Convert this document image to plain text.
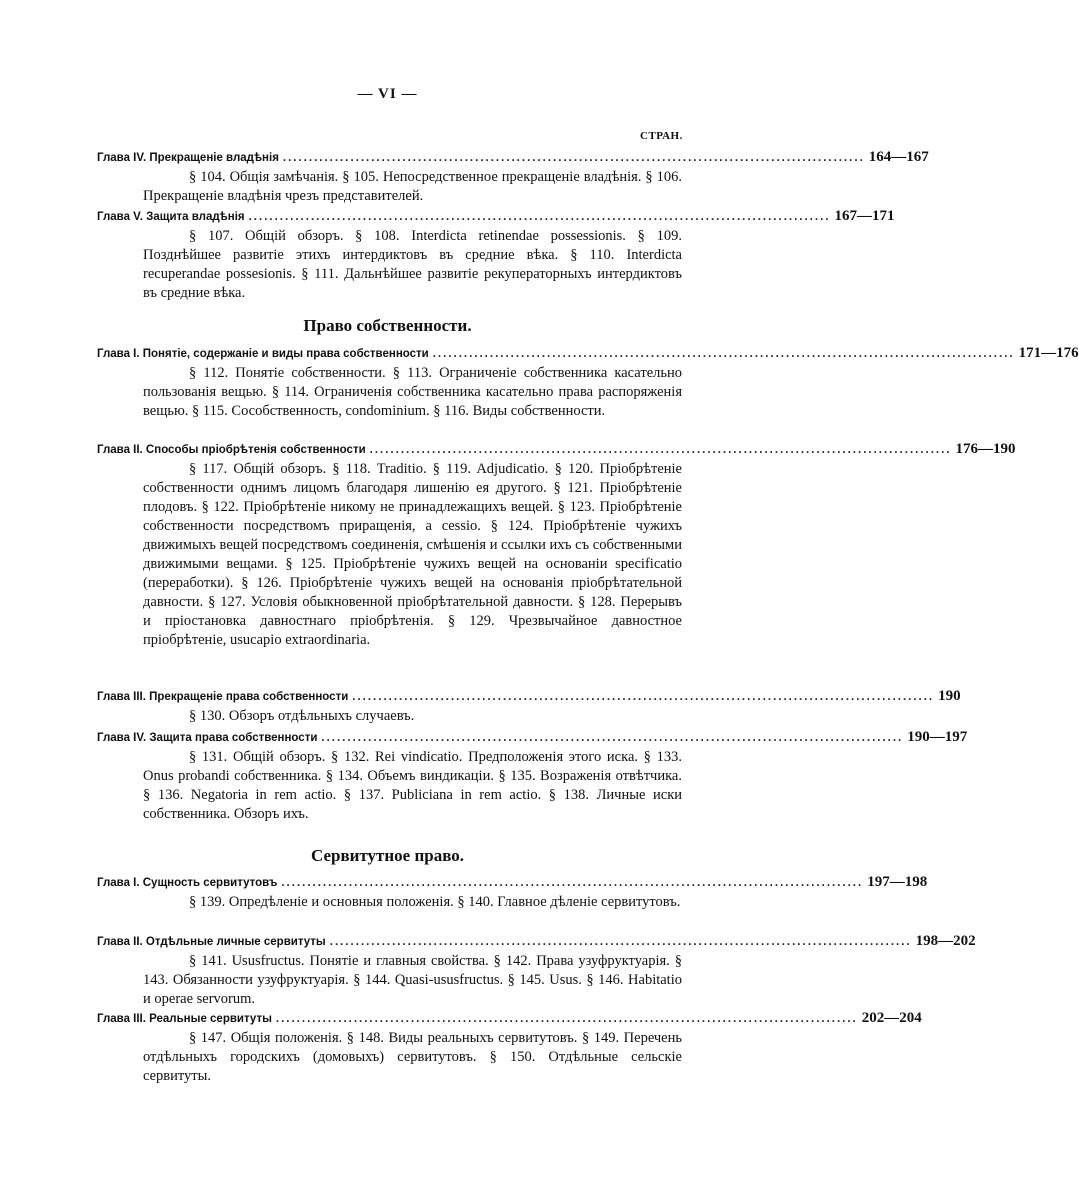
— VI —
СТРАН.
Глава IV. Прекращенiе владѣнія ................................................................................................................ 164—167

§ 104. Общiя замѣчанія. § 105. Непосредственное прекращенiе владѣнія. § 106. Прекращенiе владѣнія чрезъ представителей.

Глава V. Защита владѣнія ................................................................................................................ 167—171

§ 107. Общiй обзоръ. § 108. Interdicta retinendae possessionis. § 109. Позднѣйшее развитiе этихъ интердиктовъ въ средние вѣка. § 110. Interdicta recuperandae possesionis. § 111. Дальнѣйшее развитiе рекуператорныхъ интердиктовъ въ средние вѣка.

Право собственности.
Глава I. Понятiе, содержанiе и виды права собственности ................................................................................................................ 171—176

§ 112. Понятiе собственности. § 113. Ограниченiе собственника касательно пользованія вещью. § 114. Ограниченія собственника касательно права распоряженія вещью. § 115. Сособственность, condominium. § 116. Виды собственности.

Глава II. Способы прiобрѣтенія собственности ................................................................................................................ 176—190

§ 117. Общiй обзоръ. § 118. Traditio. § 119. Adjudicatio. § 120. Прiобрѣтенiе собственности однимъ лицомъ благодаря лишенiю ея другого. § 121. Прiобрѣтенiе плодовъ. § 122. Прiобрѣтенiе никому не принадлежащихъ вещей. § 123. Прiобрѣтенiе собственности посредствомъ приращенія, a cessio. § 124. Прiобрѣтенiе чужихъ движимыхъ вещей посредствомъ соединенія, смѣшенія и ссылки ихъ съ собственными движимыми вещами. § 125. Прiобрѣтенiе чужихъ вещей на основанiи specificatio (переработки). § 126. Прiобрѣтенiе чужихъ вещей на основанія прiобрѣтательной давности. § 127. Условія обыкновенной прiобрѣтательной давности. § 128. Перерывъ и прiостановка давностнаго прiобрѣтенія. § 129. Чрезвычайное давностное прiобрѣтенiе, usucapio extraordinaria.

Глава III. Прекращенiе права собственности ................................................................................................................ 190

§ 130. Обзоръ отдѣльныхъ случаевъ.

Глава IV. Защита права собственности ................................................................................................................ 190—197

§ 131. Общiй обзоръ. § 132. Rei vindicatio. Предположенія этого иска. § 133. Onus probandi собственника. § 134. Объемъ виндикацiи. § 135. Возраженія отвѣтчика. § 136. Negatoria in rem actio. § 137. Publiciana in rem actio. § 138. Личные иски собственника. Обзоръ ихъ.

Сервитутное право.
Глава I. Сущность сервитутовъ ................................................................................................................ 197—198

§ 139. Опредѣленiе и основныя положенія. § 140. Главное дѣленiе сервитутовъ.

Глава II. Отдѣльные личные сервитуты ................................................................................................................ 198—202

§ 141. Ususfructus. Понятiе и главныя свойства. § 142. Права узуфруктуарія. § 143. Обязанности узуфруктуарія. § 144. Quasi-ususfructus. § 145. Usus. § 146. Habitatio и operae servorum.

Глава III. Реальные сервитуты ................................................................................................................ 202—204

§ 147. Общiя положенія. § 148. Виды реальныхъ сервитутовъ. § 149. Перечень отдѣльныхъ городскихъ (домовыхъ) сервитутовъ. § 150. Отдѣльные сельскiе сервитуты.
